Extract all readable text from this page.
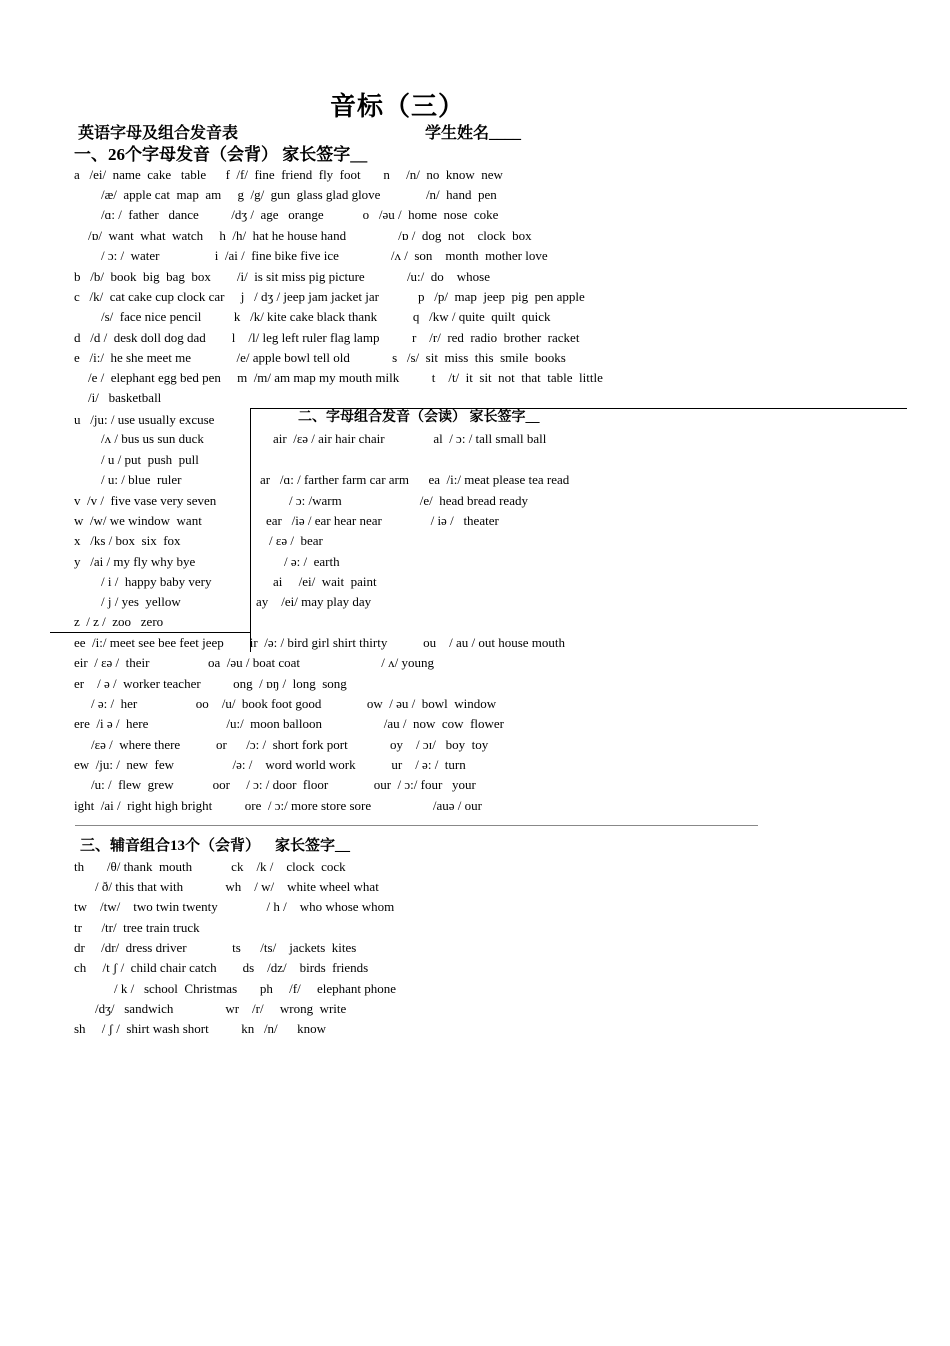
音标（三）
英语字母及组合发音表	学生姓名____
一、26个字母发音（会背） 家长签字__
a   /ei/  name  cake   table      f  /f/  fine  friend  fly  foot       n     /n/  no  know  new
/æ/  apple cat  map  am     g  /g/  gun  glass glad glove              /n/  hand  pen
/ɑ: /  father   dance          /dʒ /  age   orange            o   /əu /  home  nose  coke
/ɒ/  want  what  watch     h  /h/  hat he house hand                /ɒ /  dog  not    clock  box
/ ɔ: /  water                 i  /ai /  fine bike five ice                /ʌ /  son    month  mother love
b   /b/  book  big  bag  box        /i/  is sit miss pig picture             /u:/  do    whose
c   /k/  cat cake cup clock car     j   / dʒ / jeep jam jacket jar            p   /p/  map  jeep  pig  pen apple
/s/  face nice pencil          k   /k/ kite cake black thank           q   /kw / quite  quilt  quick
d   /d /  desk doll dog dad        l    /l/ leg left ruler flag lamp          r    /r/  red  radio  brother  racket
e   /i:/  he she meet me              /e/ apple bowl tell old             s   /s/  sit  miss  this  smile  books
/e /  elephant egg bed pen     m  /m/ am map my mouth milk          t    /t/  it  sit  not  that  table  little
/i/   basketball
u   /ju: / use usually excuse
/ʌ / bus us sun duck
/ u / put  push  pull
/ u: / blue  ruler
v  /v /  five vase very seven
w  /w/ we window  want
x   /ks / box  six  fox
y   /ai / my fly why bye
/ i /  happy baby very
/ j / yes  yellow
z  / z /  zoo   zero
二、字母组合发音（会读） 家长签字__
air  /ɛə / air hair chair               al  / ɔ: / tall small ball
ar   /ɑ: / farther farm car arm      ea  /i:/ meat please tea read
/ ɔ: /warm                        /e/  head bread ready
ear   /iə / ear hear near               / iə /   theater
/ ɛə /  bear
/ ə: /  earth
ai     /ei/  wait  paint
ay    /ei/ may play day
ee  /i:/ meet see bee feet jeep        ir  /ə: / bird girl shirt thirty           ou    / au / out house mouth
eir  / ɛə /  their                  oa  /əu / boat coat                         / ʌ/ young
er    / ə /  worker teacher          ong  / ɒŋ /  long  song
/ ə: /  her                  oo    /u/  book foot good              ow  / əu /  bowl  window
ere  /i ə /  here                        /u:/  moon balloon                   /au /  now  cow  flower
/ɛə /  where there           or      /ɔ: /  short fork port             oy    / ɔɪ/   boy  toy
ew  /ju: /  new  few                  /ə: /    word world work           ur    / ə: /  turn
/u: /  flew  grew            oor     / ɔ: / door  floor              our  / ɔ:/ four   your
ight  /ai /  right high bright          ore  / ɔ:/ more store sore                   /auə / our
三、辅音组合13个（会背）    家长签字__
th       /θ/ thank  mouth            ck    /k /    clock  cock
/ ð/ this that with             wh    / w/    white wheel what
tw    /tw/    two twin twenty               / h /    who whose whom
tr      /tr/  tree train truck
dr     /dr/  dress driver              ts      /ts/    jackets  kites
ch     /t ʃ /  child chair catch        ds    /dz/    birds  friends
/ k /   school  Christmas       ph     /f/     elephant phone
/dʒ/   sandwich                wr    /r/     wrong  write
sh     / ʃ /  shirt wash short          kn   /n/      know
